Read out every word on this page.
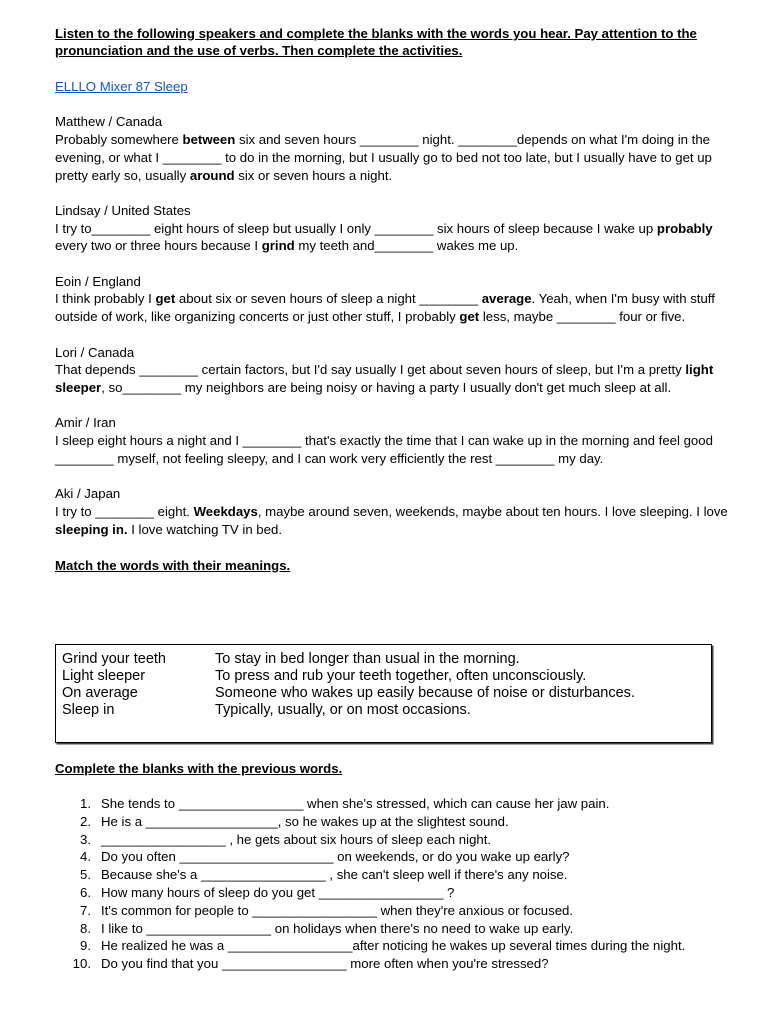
Listen to the following speakers and complete the blanks with the words you hear. Pay attention to the pronunciation and the use of verbs. Then complete the activities.

ELLLO Mixer 87 Sleep
Matthew / Canada
Probably somewhere between six and seven hours ________ night. ________depends on what I'm doing in the evening, or what I ________ to do in the morning, but I usually go to bed not too late, but I usually have to get up pretty early so, usually around six or seven hours a night.
Lindsay / United States
I try to________ eight hours of sleep but usually I only ________ six hours of sleep because I wake up probably every two or three hours because I grind my teeth and________ wakes me up.
Eoin / England
I think probably I get about six or seven hours of sleep a night ________ average. Yeah, when I'm busy with stuff outside of work, like organizing concerts or just other stuff, I probably get less, maybe ________ four or five.
Lori / Canada
That depends ________ certain factors, but I'd say usually I get about seven hours of sleep, but I'm a pretty light sleeper, so________ my neighbors are being noisy or having a party I usually don't get much sleep at all.
Amir / Iran
I sleep eight hours a night and I ________ that's exactly the time that I can wake up in the morning and feel good ________ myself, not feeling sleepy, and I can work very efficiently the rest ________ my day.
Aki / Japan
I try to ________ eight. Weekdays, maybe around seven, weekends, maybe about ten hours. I love sleeping. I love sleeping in. I love watching TV in bed.

Match the words with their meanings.

Grind your teeth	To stay in bed longer than usual in the morning.
Light sleeper	To press and rub your teeth together, often unconsciously.
On average	Someone who wakes up easily because of noise or disturbances.
Sleep in	Typically, usually, or on most occasions.

Complete the blanks with the previous words.

1. She tends to _________________ when she's stressed, which can cause her jaw pain.
2. He is a __________________, so he wakes up at the slightest sound.
3. _________________ , he gets about six hours of sleep each night.
4. Do you often _____________________ on weekends, or do you wake up early?
5. Because she's a _________________ , she can't sleep well if there's any noise.
6. How many hours of sleep do you get _________________ ?
7. It's common for people to _________________ when they're anxious or focused.
8. I like to _________________ on holidays when there's no need to wake up early.
9. He realized he was a _________________after noticing he wakes up several times during the night.
10. Do you find that you _________________ more often when you're stressed?
